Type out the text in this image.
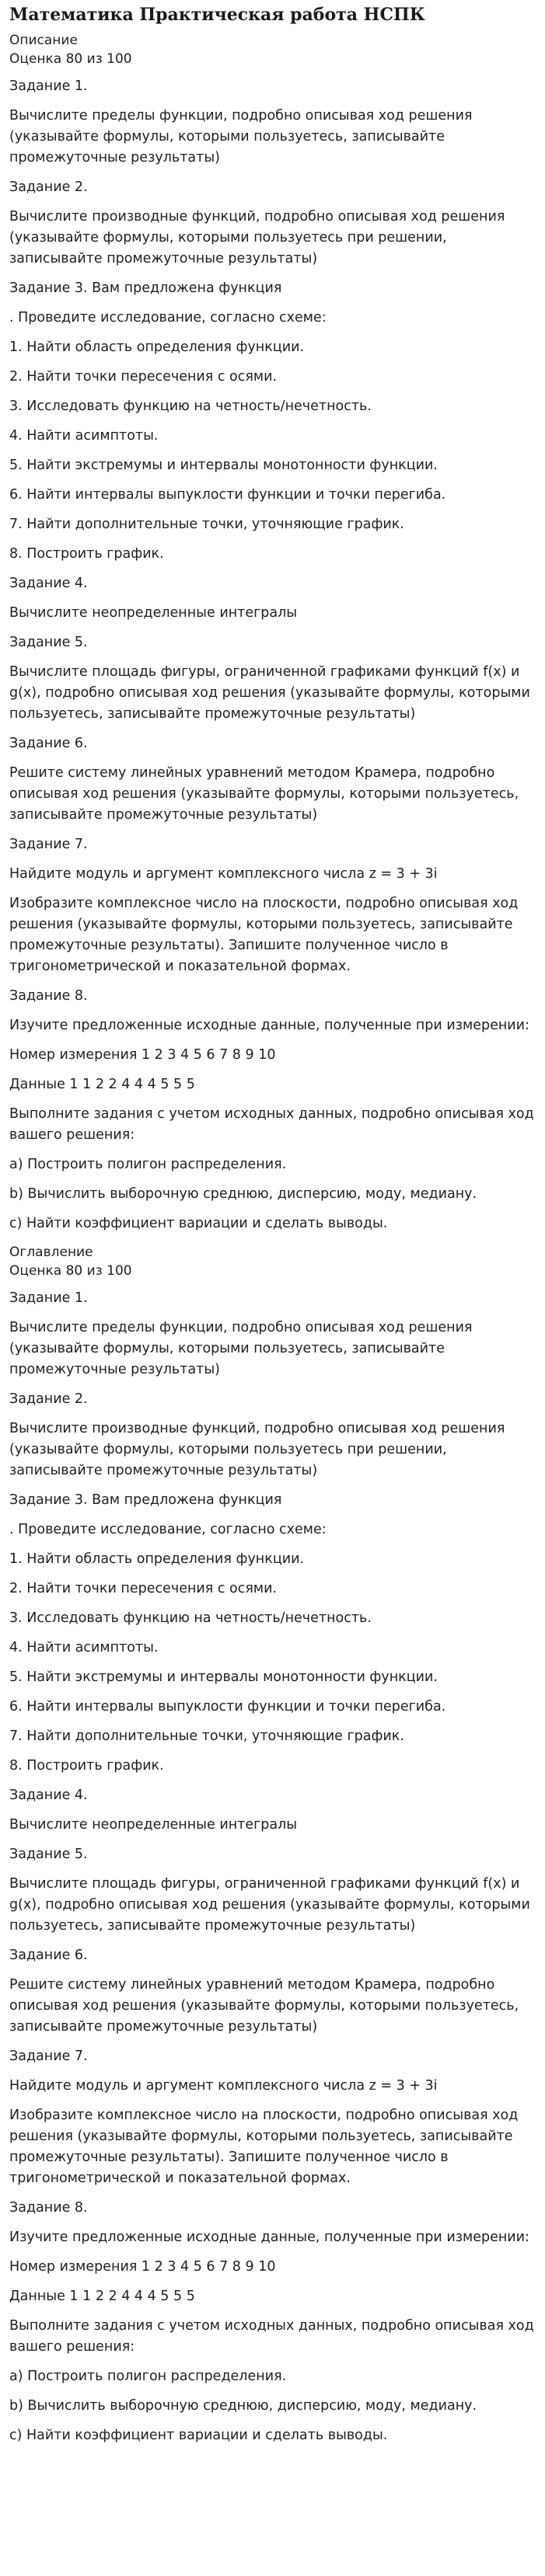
Математика Практическая работа НСПК
Описание
Оценка 80 из 100

Задание 1.

Вычислите пределы функции, подробно описывая ход решения (указывайте формулы, которыми пользуетесь, записывайте промежуточные результаты)

Задание 2.

Вычислите производные функций, подробно описывая ход решения (указывайте формулы, которыми пользуетесь при решении, записывайте промежуточные результаты)

Задание 3. Вам предложена функция

. Проведите исследование, согласно схеме:

1. Найти область определения функции.

2. Найти точки пересечения с осями.

3. Исследовать функцию на четность/нечетность.

4. Найти асимптоты.

5. Найти экстремумы и интервалы монотонности функции.

6. Найти интервалы выпуклости функции и точки перегиба.

7. Найти дополнительные точки, уточняющие график.

8. Построить график.

Задание 4.

Вычислите неопределенные интегралы

Задание 5.

Вычислите площадь фигуры, ограниченной графиками функций f(x) и g(x), подробно описывая ход решения (указывайте формулы, которыми пользуетесь, записывайте промежуточные результаты)

Задание 6.

Решите систему линейных уравнений методом Крамера, подробно описывая ход решения (указывайте формулы, которыми пользуетесь, записывайте промежуточные результаты)

Задание 7.

Найдите модуль и аргумент комплексного числа z = 3 + 3i

Изобразите комплексное число на плоскости, подробно описывая ход решения (указывайте формулы, которыми пользуетесь, записывайте промежуточные результаты). Запишите полученное число в тригонометрической и показательной формах.

Задание 8.

Изучите предложенные исходные данные, полученные при измерении:

Номер измерения 1 2 3 4 5 6 7 8 9 10

Данные 1 1 2 2 4 4 4 5 5 5

Выполните задания с учетом исходных данных, подробно описывая ход вашего решения:

a) Построить полигон распределения.

b) Вычислить выборочную среднюю, дисперсию, моду, медиану.

c) Найти коэффициент вариации и сделать выводы.

Оглавление
Оценка 80 из 100

Задание 1.

Вычислите пределы функции, подробно описывая ход решения (указывайте формулы, которыми пользуетесь, записывайте промежуточные результаты)

Задание 2.

Вычислите производные функций, подробно описывая ход решения (указывайте формулы, которыми пользуетесь при решении, записывайте промежуточные результаты)

Задание 3. Вам предложена функция

. Проведите исследование, согласно схеме:

1. Найти область определения функции.

2. Найти точки пересечения с осями.

3. Исследовать функцию на четность/нечетность.

4. Найти асимптоты.

5. Найти экстремумы и интервалы монотонности функции.

6. Найти интервалы выпуклости функции и точки перегиба.

7. Найти дополнительные точки, уточняющие график.

8. Построить график.

Задание 4.

Вычислите неопределенные интегралы

Задание 5.

Вычислите площадь фигуры, ограниченной графиками функций f(x) и g(x), подробно описывая ход решения (указывайте формулы, которыми пользуетесь, записывайте промежуточные результаты)

Задание 6.

Решите систему линейных уравнений методом Крамера, подробно описывая ход решения (указывайте формулы, которыми пользуетесь, записывайте промежуточные результаты)

Задание 7.

Найдите модуль и аргумент комплексного числа z = 3 + 3i

Изобразите комплексное число на плоскости, подробно описывая ход решения (указывайте формулы, которыми пользуетесь, записывайте промежуточные результаты). Запишите полученное число в тригонометрической и показательной формах.

Задание 8.

Изучите предложенные исходные данные, полученные при измерении:

Номер измерения 1 2 3 4 5 6 7 8 9 10

Данные 1 1 2 2 4 4 4 5 5 5

Выполните задания с учетом исходных данных, подробно описывая ход вашего решения:

a) Построить полигон распределения.

b) Вычислить выборочную среднюю, дисперсию, моду, медиану.

c) Найти коэффициент вариации и сделать выводы.
